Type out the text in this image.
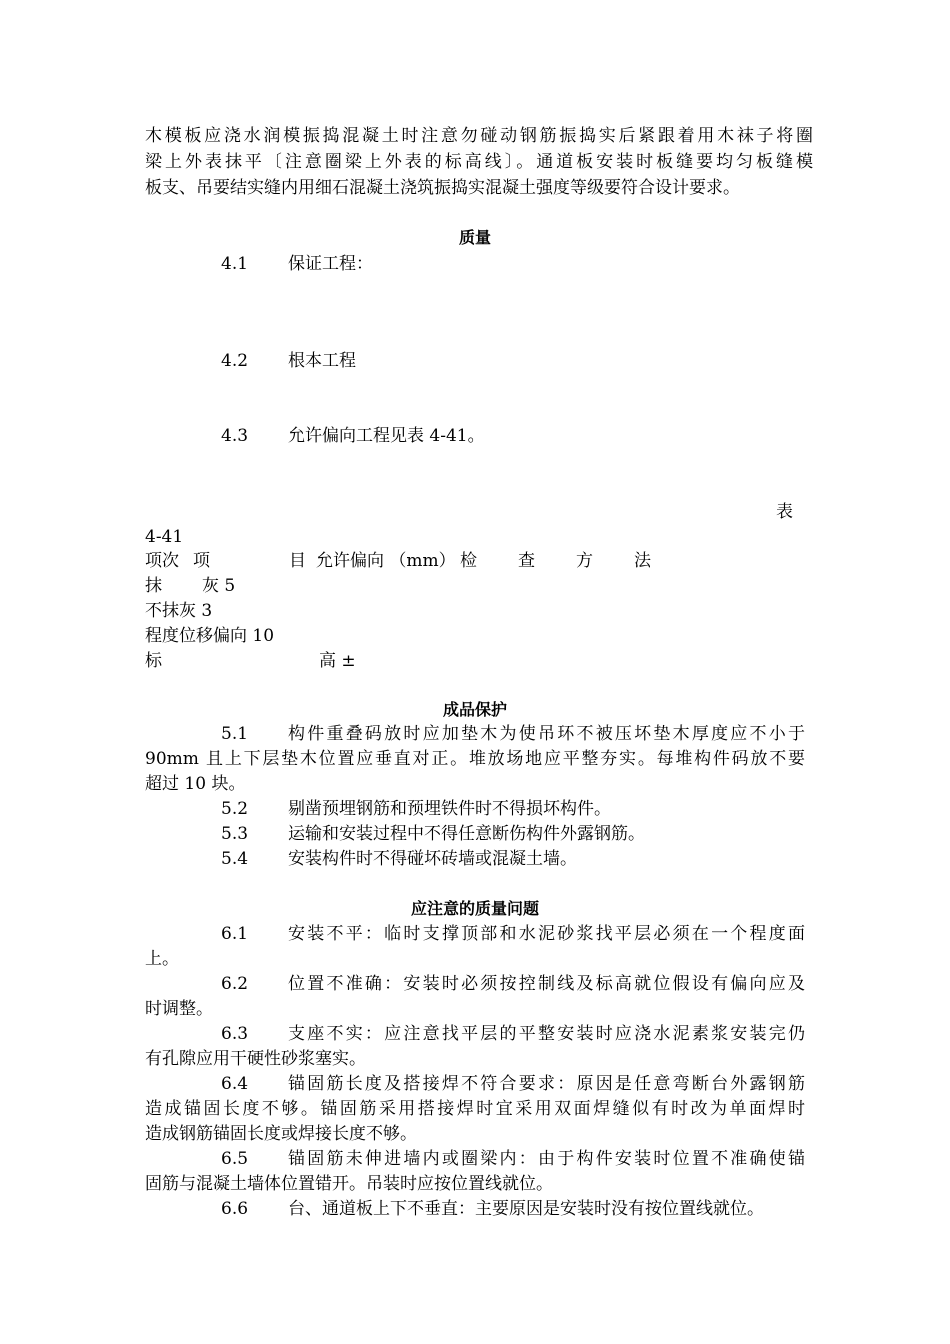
木模板应浇水润模振捣混凝土时注意勿碰动钢筋振捣实后紧跟着用木袜子将圈
梁上外表抹平〔注意圈梁上外表的标高线〕。通道板安装时板缝要均匀板缝模
板支、吊要结实缝内用细石混凝土浇筑振捣实混凝土强度等级要符合设计要求。
质量
4.1 保证工程：
4.2 根本工程
4.3 允许偏向工程见表 4-41。
表
4-41
项次 项	目 允许偏向 （mm） 检 查 方 法
抹 灰 5
不抹灰 3
程度位移偏向 10
标	高 ±
成品保护
5.1 构件重叠码放时应加垫木为使吊环不被压坏垫木厚度应不小于
90mm 且上下层垫木位置应垂直对正。堆放场地应平整夯实。每堆构件码放不要
超过 10 块。
5.2 剔凿预埋钢筋和预埋铁件时不得损坏构件。
5.3 运输和安装过程中不得任意断伤构件外露钢筋。
5.4 安装构件时不得碰坏砖墙或混凝土墙。
应注意的质量问题
6.1 安装不平：临时支撑顶部和水泥砂浆找平层必须在一个程度面
上。
6.2 位置不准确：安装时必须按控制线及标高就位假设有偏向应及
时调整。
6.3 支座不实：应注意找平层的平整安装时应浇水泥素浆安装完仍
有孔隙应用干硬性砂浆塞实。
6.4 锚固筋长度及搭接焊不符合要求：原因是任意弯断台外露钢筋
造成锚固长度不够。锚固筋采用搭接焊时宜采用双面焊缝似有时改为单面焊时
造成钢筋锚固长度或焊接长度不够。
6.5 锚固筋未伸进墙内或圈梁内：由于构件安装时位置不准确使锚
固筋与混凝土墙体位置错开。吊装时应按位置线就位。
6.6 台、通道板上下不垂直：主要原因是安装时没有按位置线就位。
